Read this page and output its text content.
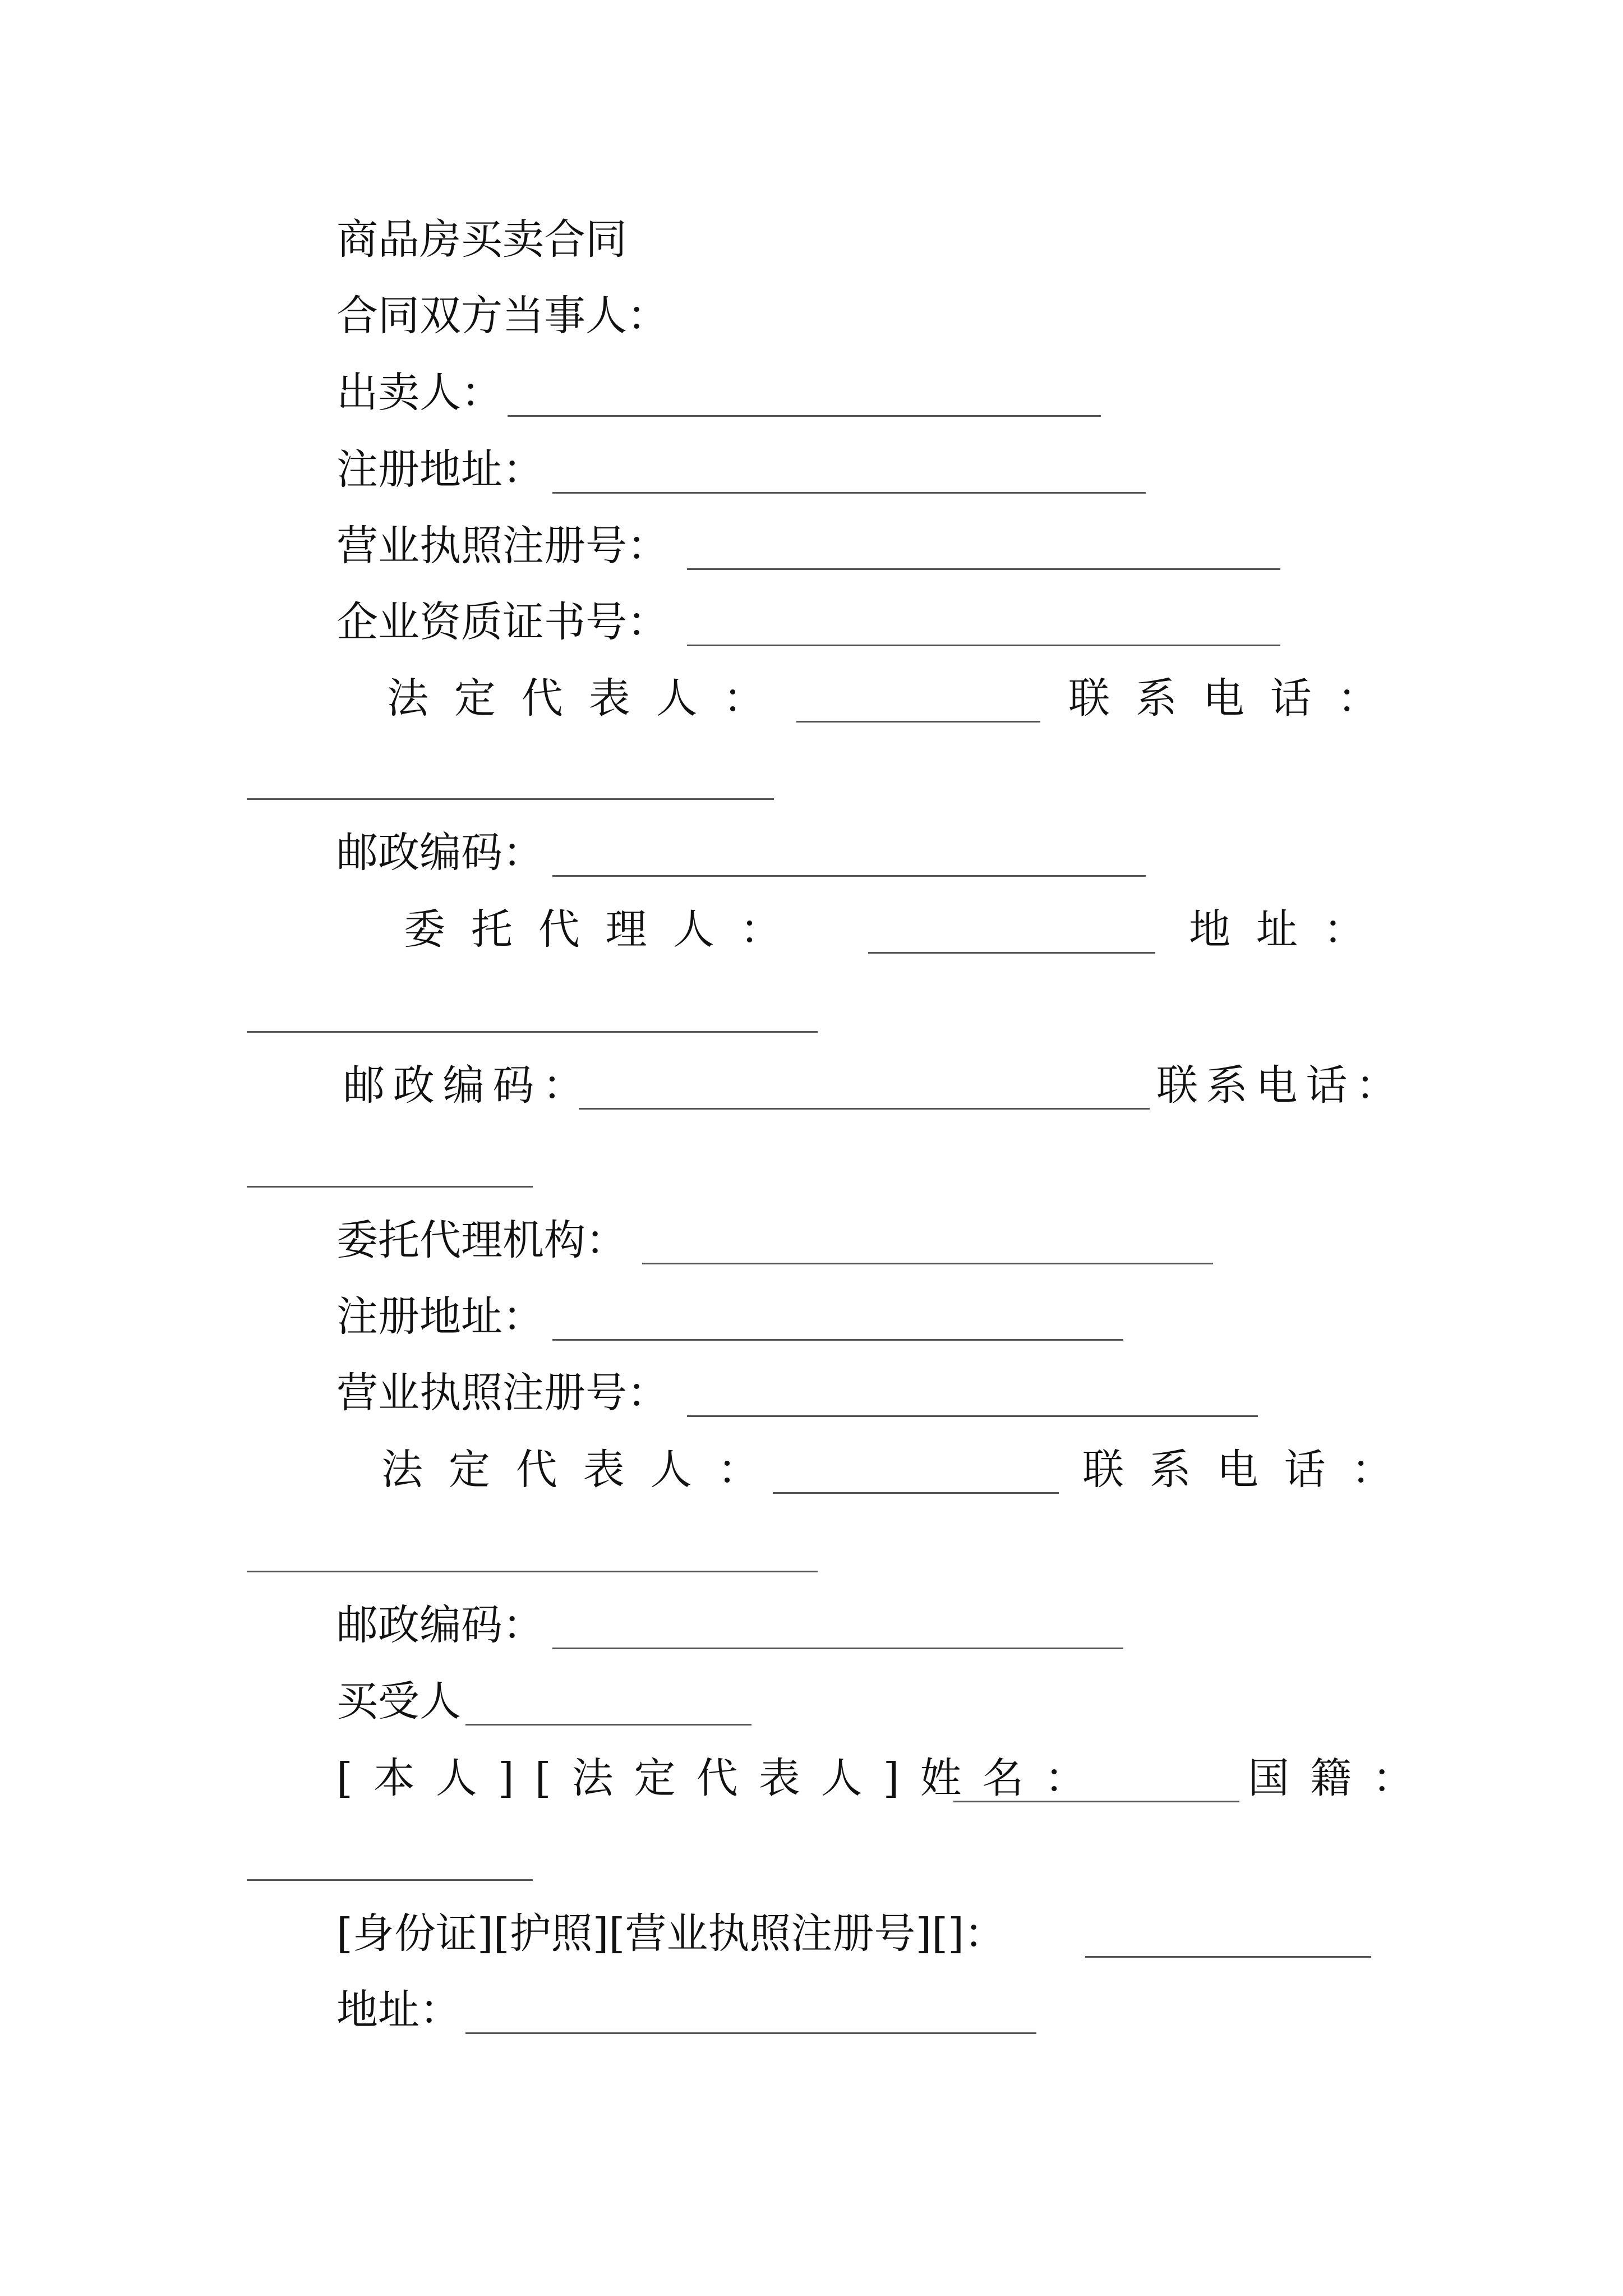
商品房买卖合同
合同双方当事人：
出卖人：
注册地址：
营业执照注册号：
企业资质证书号：
法定代表人：	联系电话：
邮政编码：
委托代理人：	地址：
邮政编码：	联系电话：
委托代理机构：
注册地址：
营业执照注册号：
法定代表人：	联系电话：
邮政编码：
买受人
[本人][法定代表人]姓名：	国籍：
[身份证][护照][营业执照注册号][]：
地址：
